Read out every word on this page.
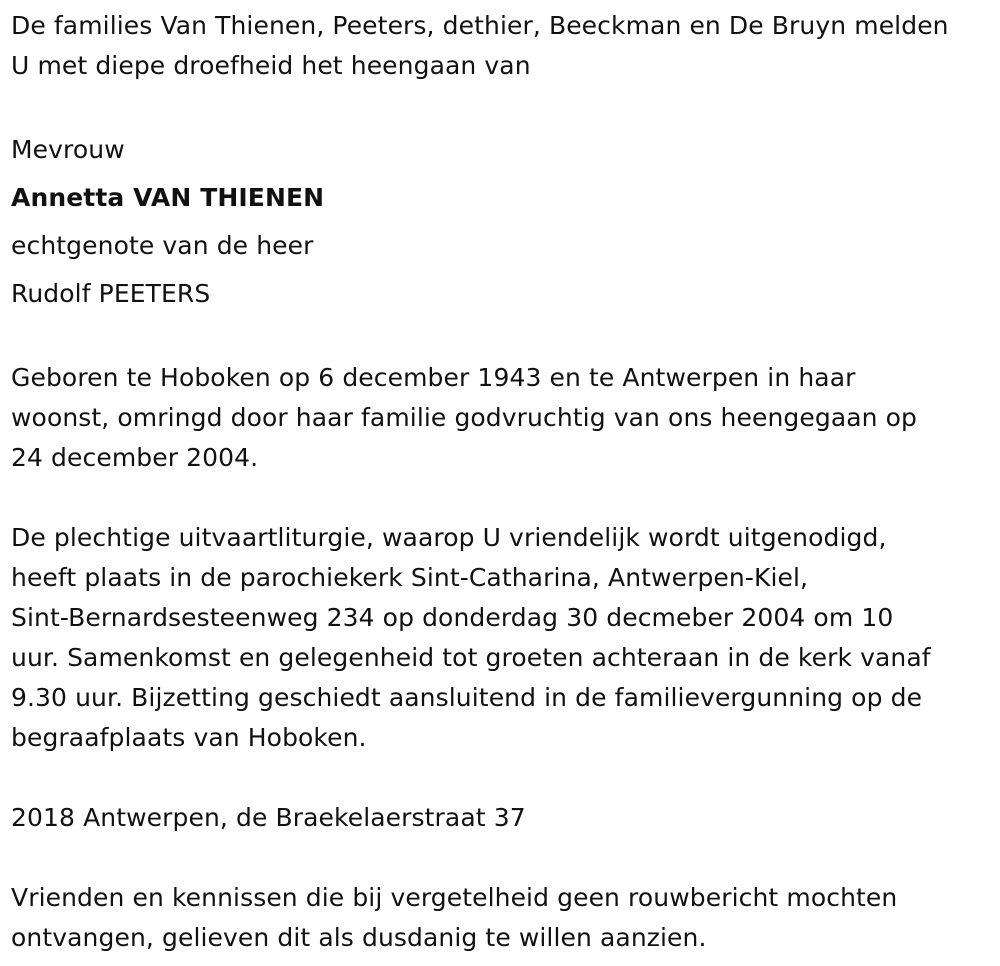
De families Van Thienen, Peeters, dethier, Beeckman en De Bruyn melden
U met diepe droefheid het heengaan van
Mevrouw
Annetta VAN THIENEN
echtgenote van de heer
Rudolf PEETERS
Geboren te Hoboken op 6 december 1943 en te Antwerpen in haar
woonst, omringd door haar familie godvruchtig van ons heengegaan op
24 december 2004.
De plechtige uitvaartliturgie, waarop U vriendelijk wordt uitgenodigd,
heeft plaats in de parochiekerk Sint-Catharina, Antwerpen-Kiel,
Sint-Bernardsesteenweg 234 op donderdag 30 decmeber 2004 om 10
uur. Samenkomst en gelegenheid tot groeten achteraan in de kerk vanaf
9.30 uur. Bijzetting geschiedt aansluitend in de familievergunning op de
begraafplaats van Hoboken.
2018 Antwerpen, de Braekelaerstraat 37
Vrienden en kennissen die bij vergetelheid geen rouwbericht mochten
ontvangen, gelieven dit als dusdanig te willen aanzien.
